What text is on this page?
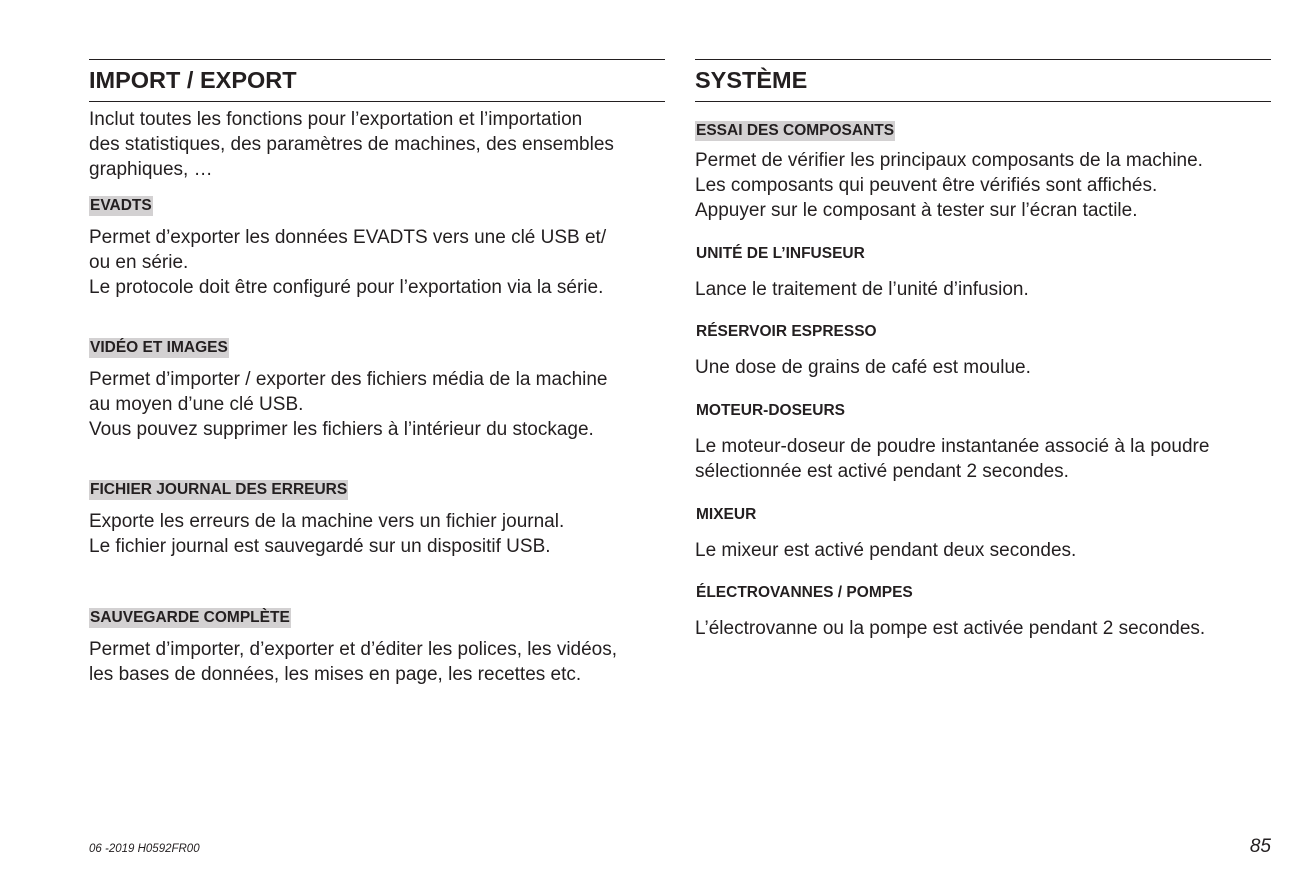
IMPORT / EXPORT

Inclut toutes les fonctions pour l’exportation et l’importation

des statistiques, des paramètres de machines, des ensembles

graphiques, …

EVADTS

Permet d’exporter les données EVADTS vers une clé USB et/

ou en série.

Le protocole doit être configuré pour l’exportation via la série.

VIDÉO ET IMAGES

Permet d’importer / exporter des fichiers média de la machine

au moyen d’une clé USB.

Vous pouvez supprimer les fichiers à l’intérieur du stockage.

FICHIER JOURNAL DES ERREURS

Exporte les erreurs de la machine vers un fichier journal.

Le fichier journal est sauvegardé sur un dispositif USB.

SAUVEGARDE COMPLÈTE

Permet d’importer, d’exporter et d’éditer les polices, les vidéos,

les bases de données, les mises en page, les recettes etc.

SYSTÈME
ESSAI DES COMPOSANTS

Permet de vérifier les principaux composants de la machine.

Les composants qui peuvent être vérifiés sont affichés.

Appuyer sur le composant à tester sur l’écran tactile.

UNITÉ DE L’INFUSEUR

Lance le traitement de l’unité d’infusion.

RÉSERVOIR ESPRESSO

Une dose de grains de café est moulue.

MOTEUR-DOSEURS

Le moteur-doseur de poudre instantanée associé à la poudre

sélectionnée est activé pendant 2 secondes.

MIXEUR

Le mixeur est activé pendant deux secondes.

ÉLECTROVANNES / POMPES

L’électrovanne ou la pompe est activée pendant 2 secondes.

06 -2019 H0592FR00	85
